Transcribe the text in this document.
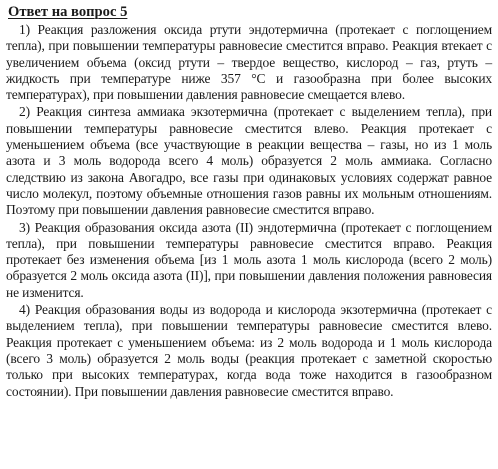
Ответ на вопрос 5

1) Реакция разложения оксида ртути эндотермична (протекает с поглощением тепла), при повышении температуры равновесие сместится вправо. Реакция втекает с увеличением объема (оксид ртути – твердое вещество, кислород – газ, ртуть – жидкость при температуре ниже 357 °С и газообразна при более высоких температурах), при повышении давления равновесие смещается влево.

2) Реакция синтеза аммиака экзотермична (протекает с выделением тепла), при повышении температуры равновесие сместится влево. Реакция протекает с уменьшением объема (все участвующие в реакции вещества – газы, но из 1 моль азота и 3 моль водорода всего 4 моль) образуется 2 моль аммиака. Согласно следствию из закона Авогадро, все газы при одинаковых условиях содержат равное число молекул, поэтому объемные отношения газов равны их мольным отношениям. Поэтому при повышении давления равновесие сместится вправо.

3) Реакция образования оксида азота (II) эндотермична (протекает с поглощением тепла), при повышении температуры равновесие сместится вправо. Реакция протекает без изменения объема [из 1 моль азота 1 моль кислорода (всего 2 моль) образуется 2 моль оксида азота (II)], при повышении давления положения равновесия не изменится.

4) Реакция образования воды из водорода и кислорода экзотермична (протекает с выделением тепла), при повышении температуры равновесие сместится влево. Реакция протекает с уменьшением объема: из 2 моль водорода и 1 моль кислорода (всего 3 моль) образуется 2 моль воды (реакция протекает с заметной скоростью только при высоких температурах, когда вода тоже находится в газообразном состоянии). При повышении давления равновесие сместится вправо.
